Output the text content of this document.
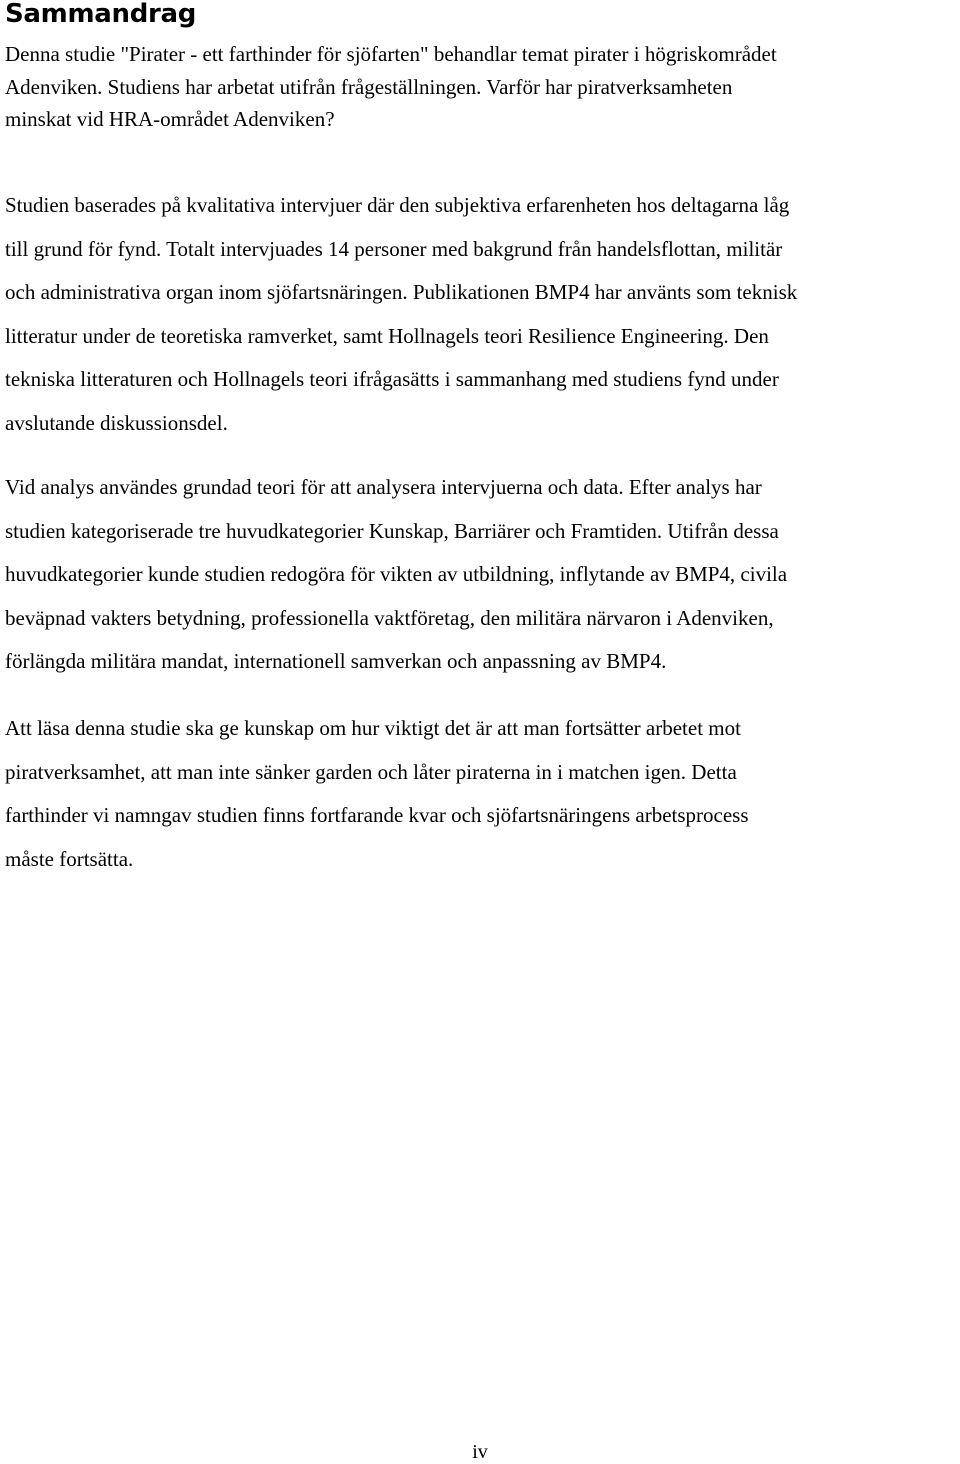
Sammandrag

Denna studie "Pirater - ett farthinder för sjöfarten" behandlar temat pirater i högriskområdet
Adenviken. Studiens har arbetat utifrån frågeställningen. Varför har piratverksamheten
minskat vid HRA-området Adenviken?

Studien baserades på kvalitativa intervjuer där den subjektiva erfarenheten hos deltagarna låg
till grund för fynd. Totalt intervjuades 14 personer med bakgrund från handelsflottan, militär
och administrativa organ inom sjöfartsnäringen. Publikationen BMP4 har använts som teknisk
litteratur under de teoretiska ramverket, samt Hollnagels teori Resilience Engineering. Den
tekniska litteraturen och Hollnagels teori ifrågasätts i sammanhang med studiens fynd under
avslutande diskussionsdel.

Vid analys användes grundad teori för att analysera intervjuerna och data. Efter analys har
studien kategoriserade tre huvudkategorier Kunskap, Barriärer och Framtiden. Utifrån dessa
huvudkategorier kunde studien redogöra för vikten av utbildning, inflytande av BMP4, civila
beväpnad vakters betydning, professionella vaktföretag, den militära närvaron i Adenviken,
förlängda militära mandat, internationell samverkan och anpassning av BMP4.

Att läsa denna studie ska ge kunskap om hur viktigt det är att man fortsätter arbetet mot
piratverksamhet, att man inte sänker garden och låter piraterna in i matchen igen. Detta
farthinder vi namngav studien finns fortfarande kvar och sjöfartsnäringens arbetsprocess
måste fortsätta.

iv
